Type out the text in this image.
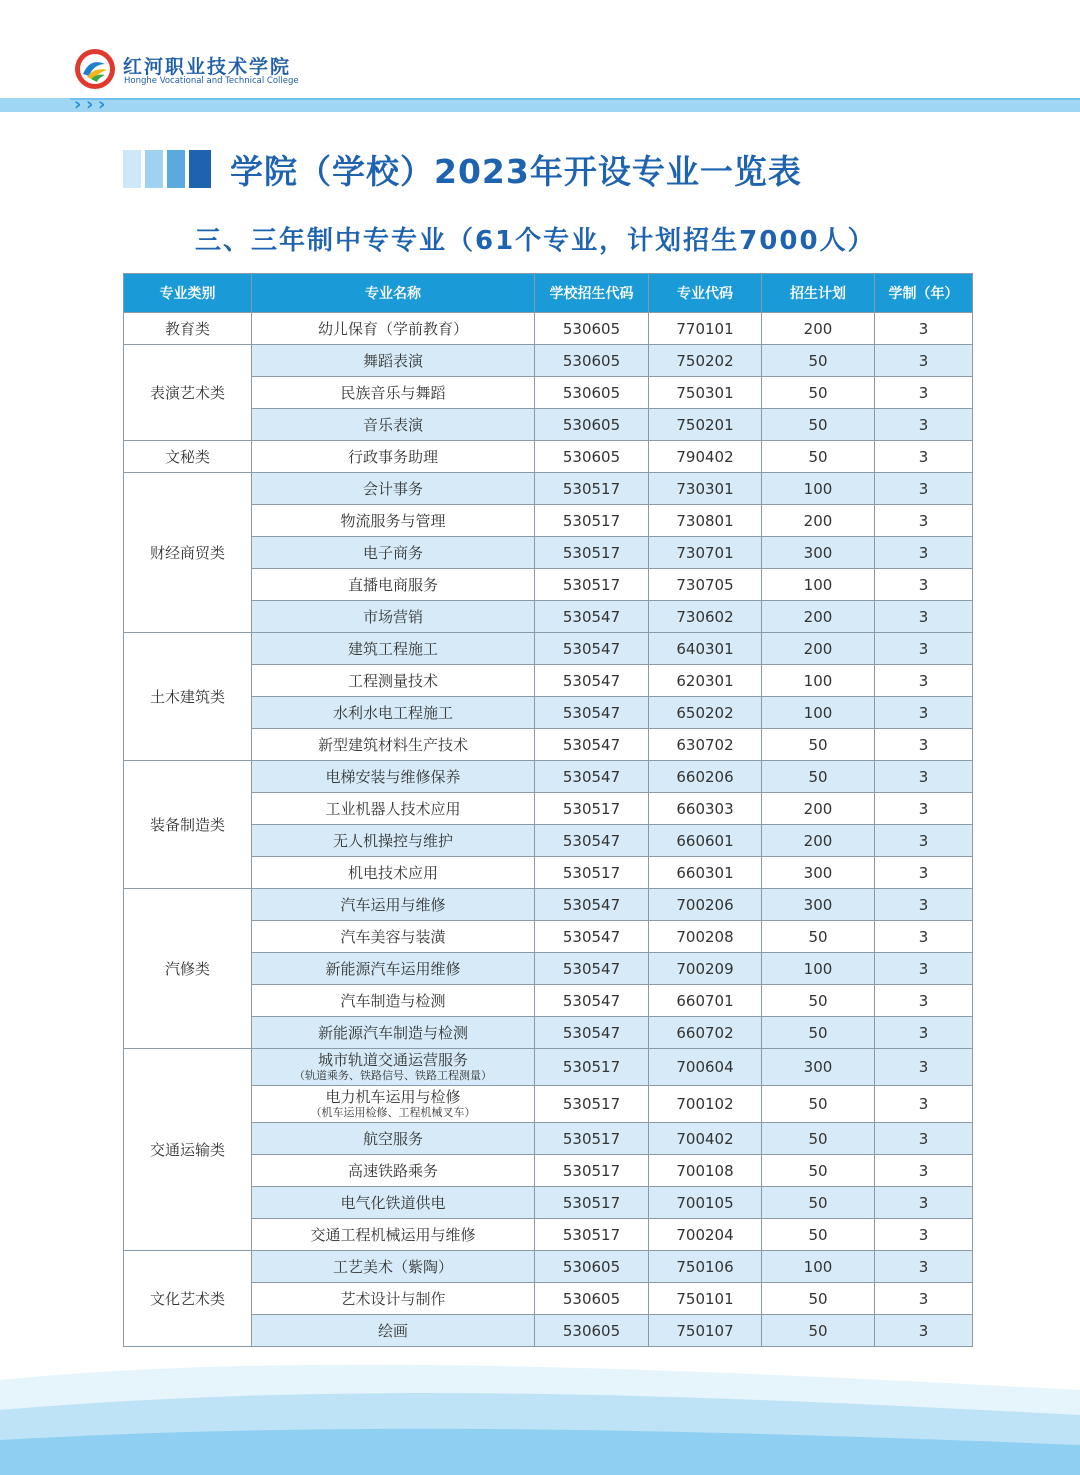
› › ›
红河职业技术学院
Honghe Vocational and Technical College
学院（学校）2023年开设专业一览表
三、三年制中专专业（61个专业，计划招生7000人）
专业类别	专业名称	学校招生代码	专业代码	招生计划	学制（年）
教育类	幼儿保育（学前教育）	530605	770101	200	3
表演艺术类	舞蹈表演	530605	750202	50	3
	民族音乐与舞蹈	530605	750301	50	3
	音乐表演	530605	750201	50	3
文秘类	行政事务助理	530605	790402	50	3
财经商贸类	会计事务	530517	730301	100	3
	物流服务与管理	530517	730801	200	3
	电子商务	530517	730701	300	3
	直播电商服务	530517	730705	100	3
	市场营销	530547	730602	200	3
土木建筑类	建筑工程施工	530547	640301	200	3
	工程测量技术	530547	620301	100	3
	水利水电工程施工	530547	650202	100	3
	新型建筑材料生产技术	530547	630702	50	3
装备制造类	电梯安装与维修保养	530547	660206	50	3
	工业机器人技术应用	530517	660303	200	3
	无人机操控与维护	530547	660601	200	3
	机电技术应用	530517	660301	300	3
汽修类	汽车运用与维修	530547	700206	300	3
	汽车美容与装潢	530547	700208	50	3
	新能源汽车运用维修	530547	700209	100	3
	汽车制造与检测	530547	660701	50	3
	新能源汽车制造与检测	530547	660702	50	3
交通运输类	城市轨道交通运营服务
（轨道乘务、铁路信号、铁路工程测量）	530517	700604	300	3

	电力机车运用与检修
（机车运用检修、工程机械叉车）	530517	700102	50	3
	航空服务	530517	700402	50	3
	高速铁路乘务	530517	700108	50	3
	电气化铁道供电	530517	700105	50	3
	交通工程机械运用与维修	530517	700204	50	3
文化艺术类	工艺美术（紫陶）	530605	750106	100	3
	艺术设计与制作	530605	750101	50	3
	绘画	530605	750107	50	3
